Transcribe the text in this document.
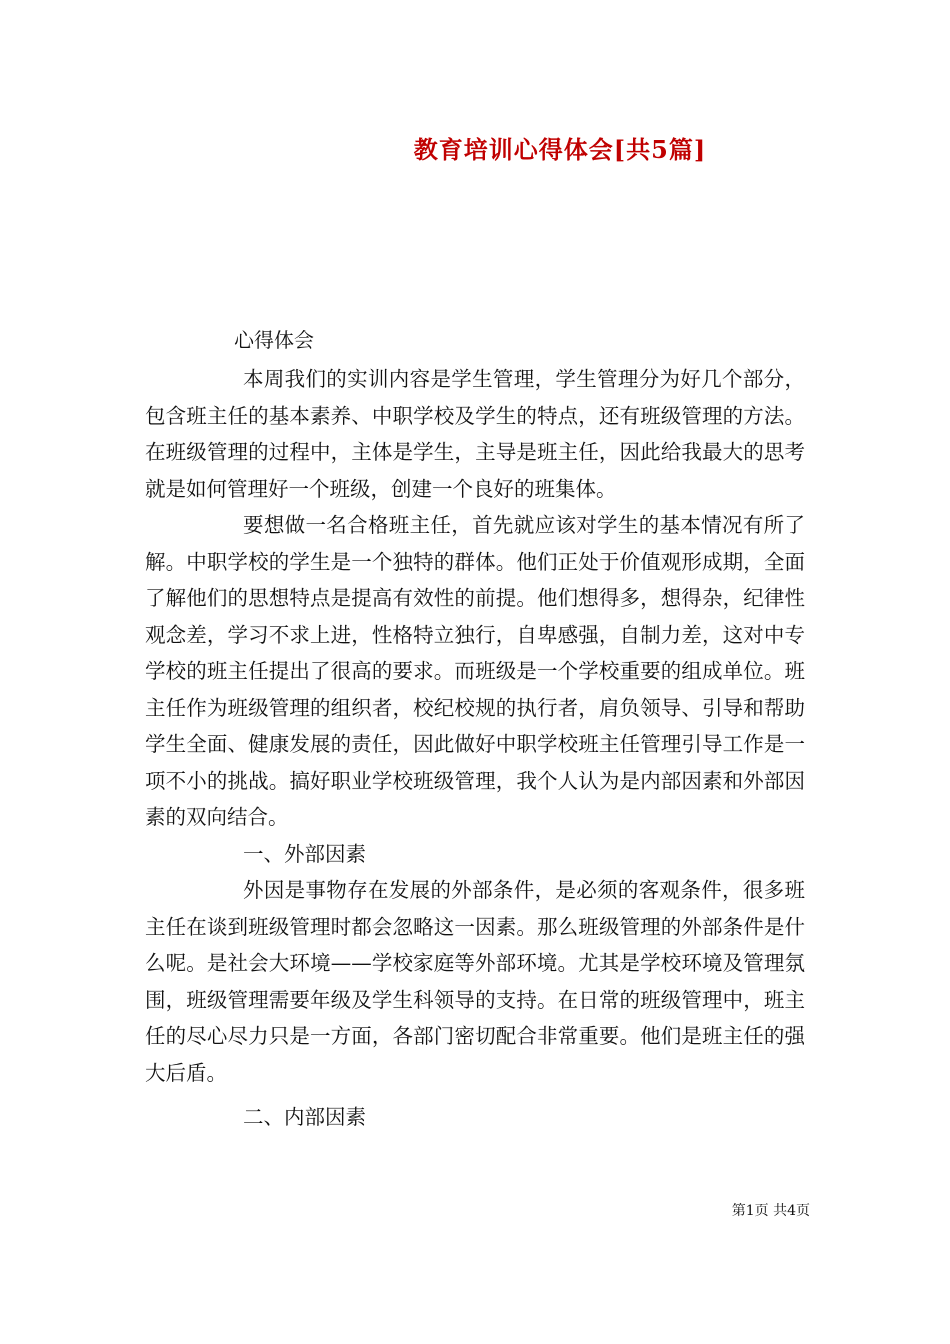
教育培训心得体会[共5篇]
心得体会

本周我们的实训内容是学生管理，学生管理分为好几个部分，包含班主任的基本素养、中职学校及学生的特点，还有班级管理的方法。在班级管理的过程中，主体是学生，主导是班主任，因此给我最大的思考就是如何管理好一个班级，创建一个良好的班集体。

要想做一名合格班主任，首先就应该对学生的基本情况有所了解。中职学校的学生是一个独特的群体。他们正处于价值观形成期，全面了解他们的思想特点是提高有效性的前提。他们想得多，想得杂，纪律性观念差，学习不求上进，性格特立独行，自卑感强，自制力差，这对中专学校的班主任提出了很高的要求。而班级是一个学校重要的组成单位。班主任作为班级管理的组织者，校纪校规的执行者，肩负领导、引导和帮助学生全面、健康发展的责任，因此做好中职学校班主任管理引导工作是一项不小的挑战。搞好职业学校班级管理，我个人认为是内部因素和外部因素的双向结合。

一、外部因素

外因是事物存在发展的外部条件，是必须的客观条件，很多班主任在谈到班级管理时都会忽略这一因素。那么班级管理的外部条件是什么呢。是社会大环境——学校家庭等外部环境。尤其是学校环境及管理氛围，班级管理需要年级及学生科领导的支持。在日常的班级管理中，班主任的尽心尽力只是一方面，各部门密切配合非常重要。他们是班主任的强大后盾。

二、内部因素

第1页 共4页
